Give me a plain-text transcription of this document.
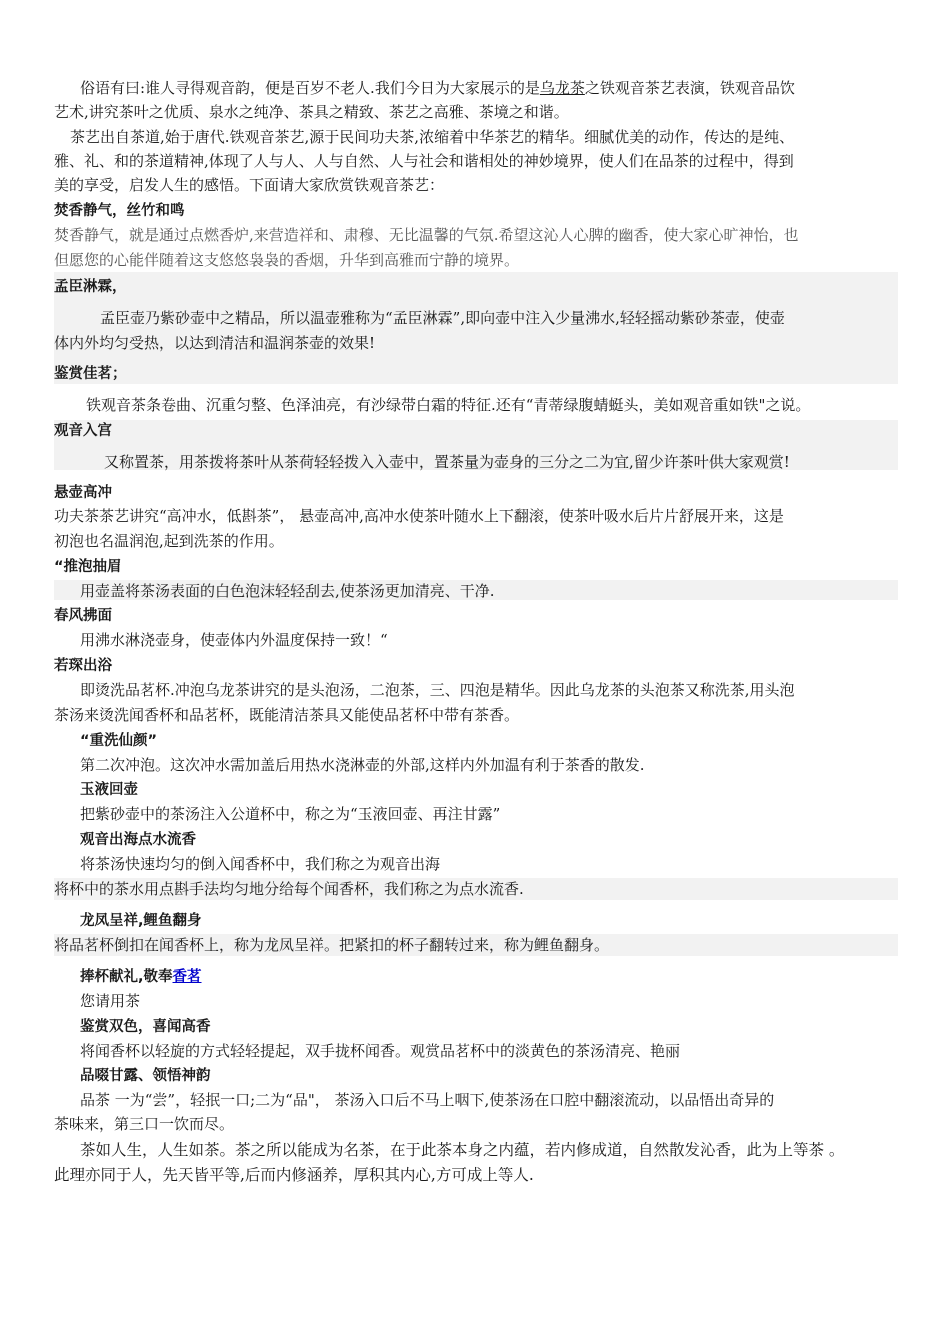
俗语有曰:谁人寻得观音韵，便是百岁不老人.我们今日为大家展示的是乌龙茶之铁观音茶艺表演，铁观音品饮
艺术,讲究茶叶之优质、泉水之纯净、茶具之精致、茶艺之高雅、茶境之和谐。
茶艺出自茶道,始于唐代.铁观音茶艺,源于民间功夫茶,浓缩着中华茶艺的精华。细腻优美的动作，传达的是纯、
雅、礼、和的茶道精神,体现了人与人、人与自然、人与社会和谐相处的神妙境界，使人们在品茶的过程中，得到
美的享受，启发人生的感悟。下面请大家欣赏铁观音茶艺：
焚香静气，丝竹和鸣
焚香静气，就是通过点燃香炉,来营造祥和、肃穆、无比温馨的气氛.希望这沁人心脾的幽香，使大家心旷神怡，也
但愿您的心能伴随着这支悠悠袅袅的香烟，升华到高雅而宁静的境界。
孟臣淋霖，
孟臣壶乃紫砂壶中之精品，所以温壶雅称为“孟臣淋霖”,即向壶中注入少量沸水,轻轻摇动紫砂茶壶，使壶
体内外均匀受热，以达到清洁和温润茶壶的效果!
鉴赏佳茗；
铁观音茶条卷曲、沉重匀整、色泽油亮，有沙绿带白霜的特征.还有“青蒂绿腹蜻蜓头，美如观音重如铁"之说。
观音入宫
又称置茶，用茶拨将茶叶从茶荷轻轻拨入入壶中，置茶量为壶身的三分之二为宜,留少许茶叶供大家观赏!
悬壶高冲
功夫茶茶艺讲究“高冲水，低斟茶”， 悬壶高冲,高冲水使茶叶随水上下翻滚，使茶叶吸水后片片舒展开来，这是
初泡也名温润泡,起到洗茶的作用。
“推泡抽眉
用壶盖将茶汤表面的白色泡沫轻轻刮去,使茶汤更加清亮、干净.
春风拂面
用沸水淋浇壶身，使壶体内外温度保持一致！“
若琛出浴
即烫洗品茗杯.冲泡乌龙茶讲究的是头泡汤，二泡茶，三、四泡是精华。因此乌龙茶的头泡茶又称洗茶,用头泡
茶汤来烫洗闻香杯和品茗杯，既能清洁茶具又能使品茗杯中带有茶香。
“重洗仙颜”
第二次冲泡。这次冲水需加盖后用热水浇淋壶的外部,这样内外加温有利于茶香的散发.
玉液回壶
把紫砂壶中的茶汤注入公道杯中，称之为“玉液回壶、再注甘露”
观音出海点水流香
将茶汤快速均匀的倒入闻香杯中，我们称之为观音出海
将杯中的茶水用点斟手法均匀地分给每个闻香杯，我们称之为点水流香.
龙凤呈祥,鲤鱼翻身
将品茗杯倒扣在闻香杯上，称为龙凤呈祥。把紧扣的杯子翻转过来，称为鲤鱼翻身。
捧杯献礼,敬奉香茗
您请用茶
鉴赏双色，喜闻高香
将闻香杯以轻旋的方式轻轻提起，双手拢杯闻香。观赏品茗杯中的淡黄色的茶汤清亮、艳丽
品啜甘露、领悟神韵
品茶 一为“尝”，轻抿一口;二为“品"， 茶汤入口后不马上咽下,使茶汤在口腔中翻滚流动，以品悟出奇异的
茶味来，第三口一饮而尽。
茶如人生，人生如茶。茶之所以能成为名茶，在于此茶本身之内蕴，若内修成道，自然散发沁香，此为上等茶 。
此理亦同于人，先天皆平等,后而内修涵养，厚积其内心,方可成上等人.
